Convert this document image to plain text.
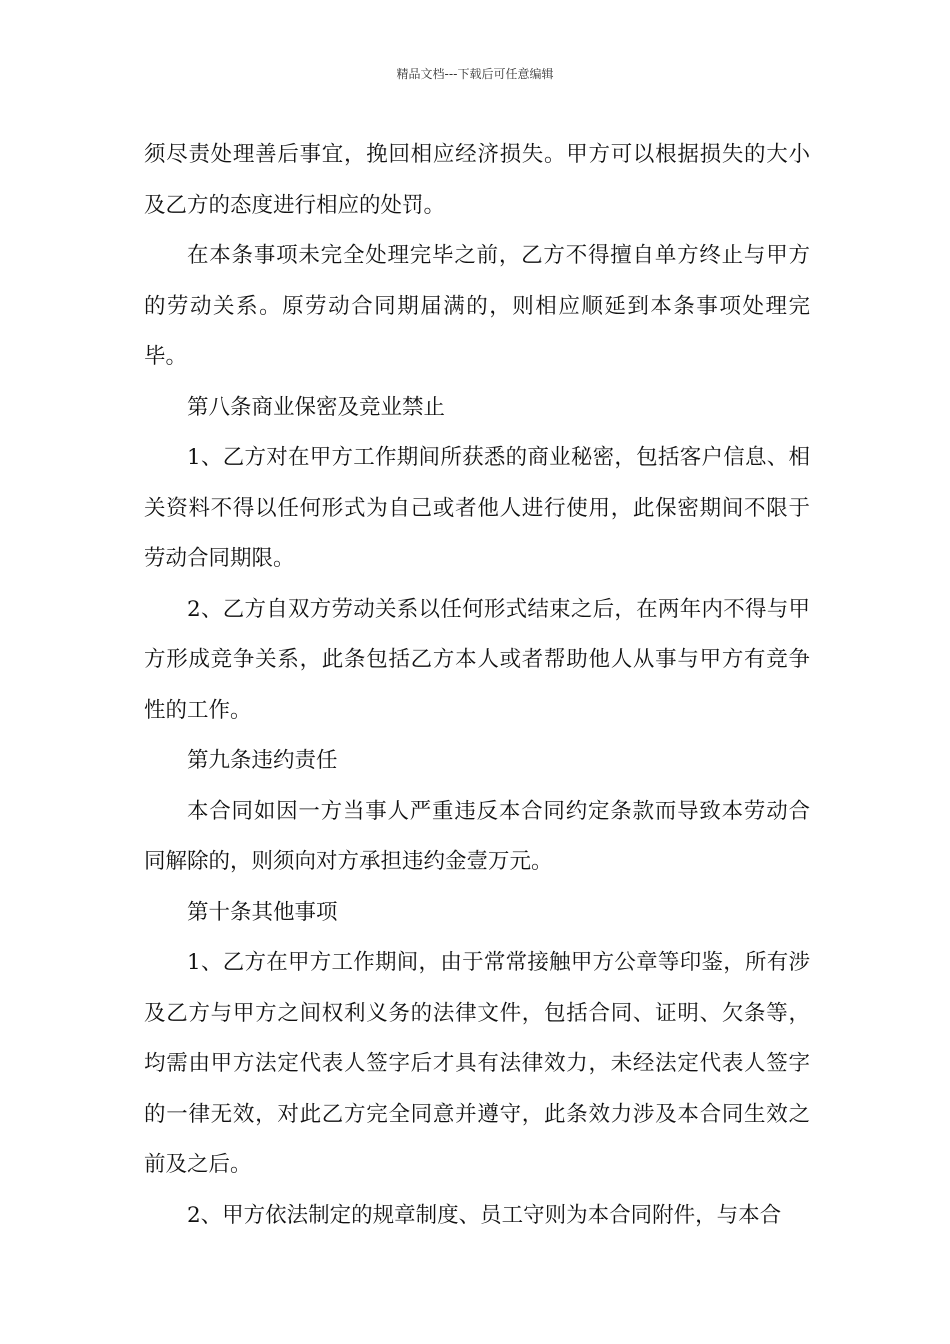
精品文档---下载后可任意编辑

须尽责处理善后事宜，挽回相应经济损失。甲方可以根据损失的大小及乙方的态度进行相应的处罚。

在本条事项未完全处理完毕之前，乙方不得擅自单方终止与甲方的劳动关系。原劳动合同期届满的，则相应顺延到本条事项处理完毕。

第八条商业保密及竞业禁止

1、乙方对在甲方工作期间所获悉的商业秘密，包括客户信息、相关资料不得以任何形式为自己或者他人进行使用，此保密期间不限于劳动合同期限。

2、乙方自双方劳动关系以任何形式结束之后，在两年内不得与甲方形成竞争关系，此条包括乙方本人或者帮助他人从事与甲方有竞争性的工作。

第九条违约责任

本合同如因一方当事人严重违反本合同约定条款而导致本劳动合同解除的，则须向对方承担违约金壹万元。

第十条其他事项

1、乙方在甲方工作期间，由于常常接触甲方公章等印鉴，所有涉及乙方与甲方之间权利义务的法律文件，包括合同、证明、欠条等，均需由甲方法定代表人签字后才具有法律效力，未经法定代表人签字的一律无效，对此乙方完全同意并遵守，此条效力涉及本合同生效之前及之后。

2、甲方依法制定的规章制度、员工守则为本合同附件，与本合
